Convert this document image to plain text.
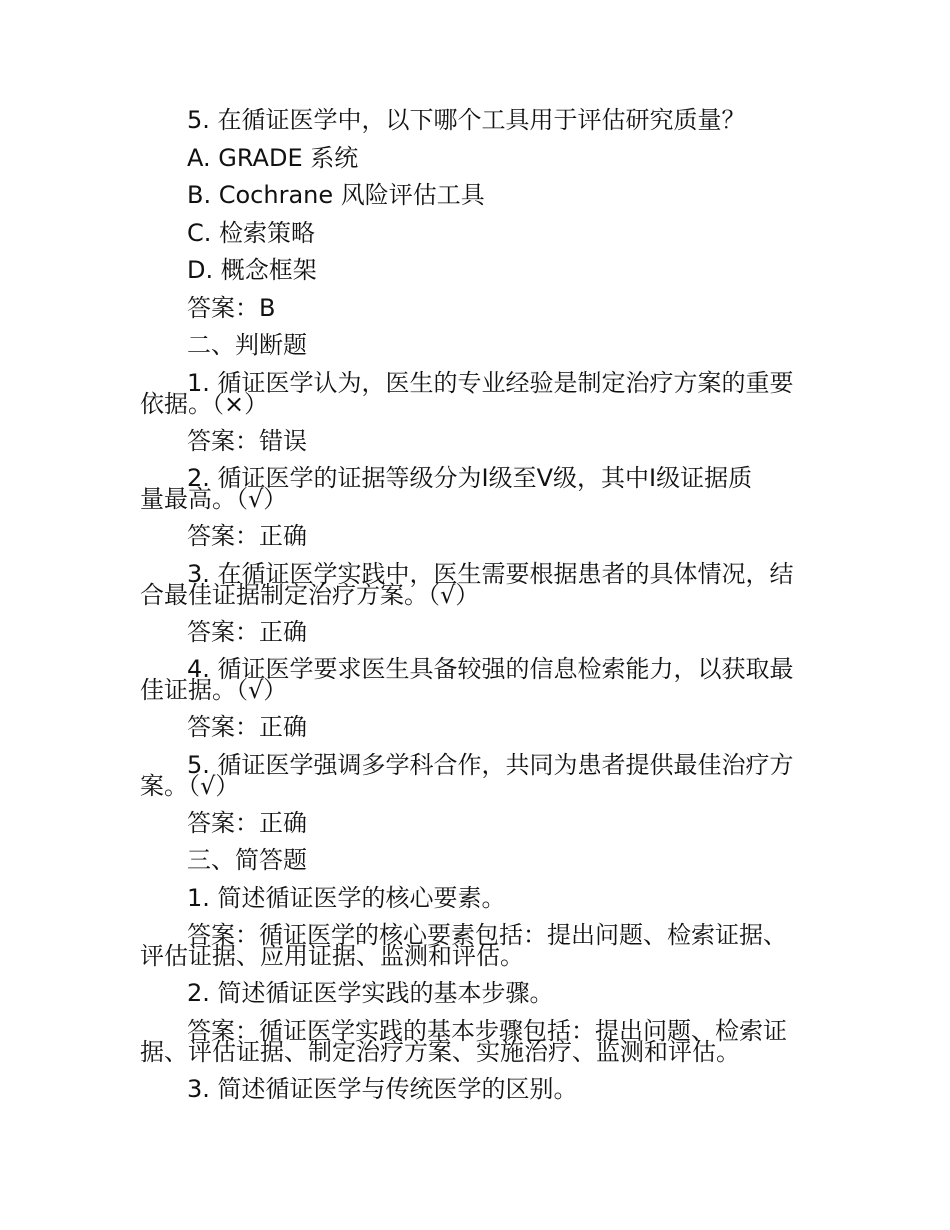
5. 在循证医学中，以下哪个工具用于评估研究质量？
A. GRADE 系统
B. Cochrane 风险评估工具
C. 检索策略
D. 概念框架
答案：B
二、判断题
1. 循证医学认为，医生的专业经验是制定治疗方案的重要
依据。（×）
答案：错误
2. 循证医学的证据等级分为Ⅰ级至Ⅴ级，其中Ⅰ级证据质
量最高。（√）
答案：正确
3. 在循证医学实践中，医生需要根据患者的具体情况，结
合最佳证据制定治疗方案。（√）
答案：正确
4. 循证医学要求医生具备较强的信息检索能力，以获取最
佳证据。（√）
答案：正确
5. 循证医学强调多学科合作，共同为患者提供最佳治疗方
案。（√）
答案：正确
三、简答题
1. 简述循证医学的核心要素。
答案：循证医学的核心要素包括：提出问题、检索证据、
评估证据、应用证据、监测和评估。
2. 简述循证医学实践的基本步骤。
答案：循证医学实践的基本步骤包括：提出问题、检索证
据、评估证据、制定治疗方案、实施治疗、监测和评估。
3. 简述循证医学与传统医学的区别。
